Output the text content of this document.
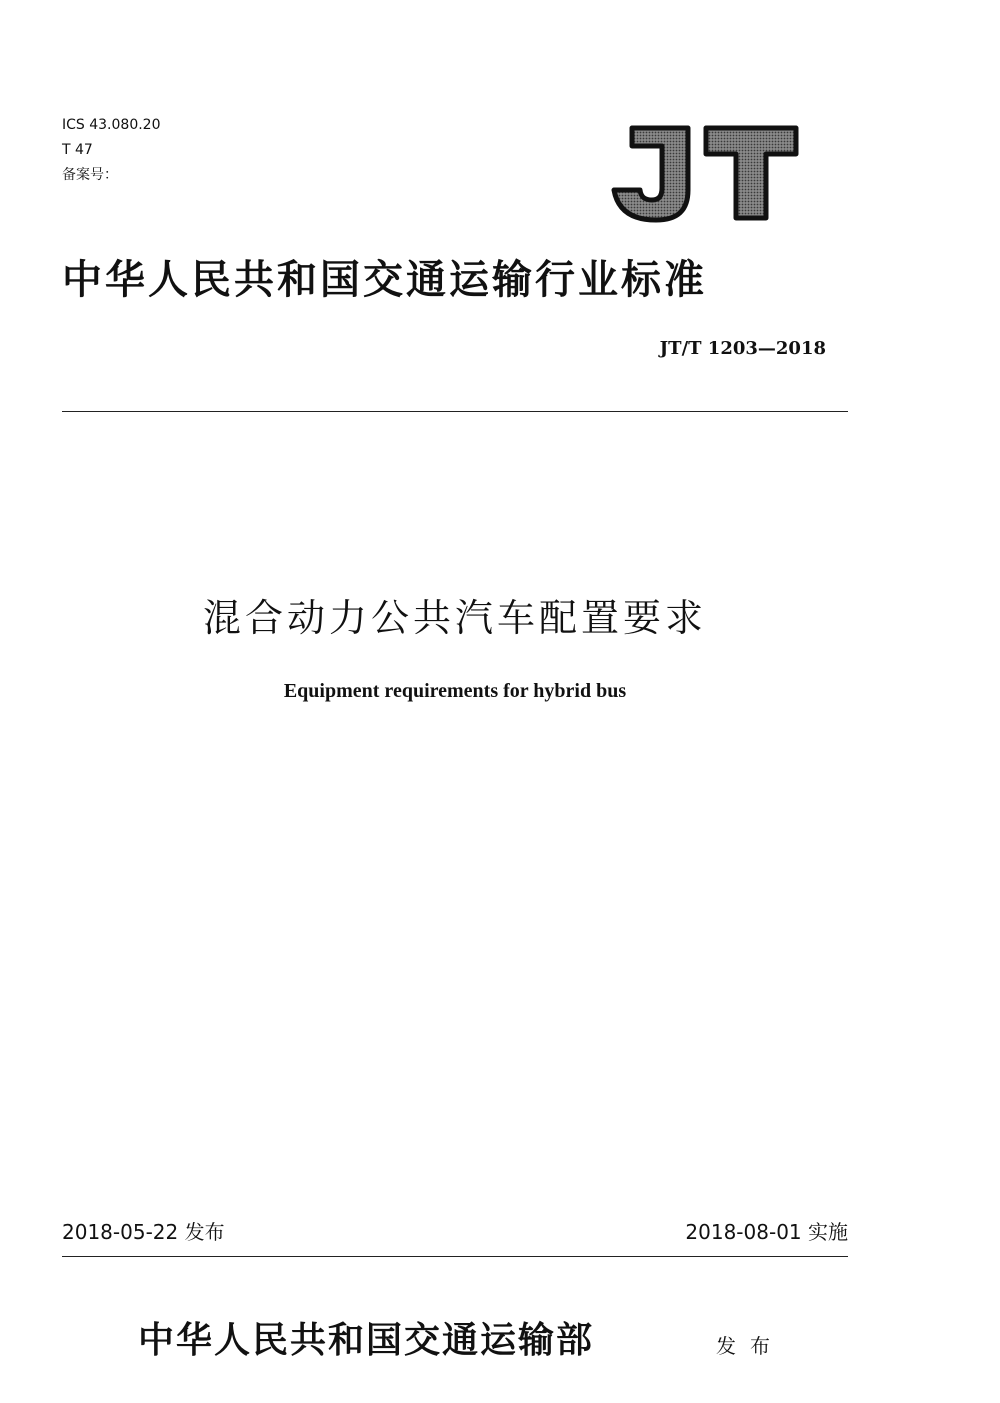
ICS 43.080.20
T 47
备案号：
中华人民共和国交通运输行业标准
JT/T 1203—2018
混合动力公共汽车配置要求
Equipment requirements for hybrid bus
2018-05-22 发布	2018-08-01 实施
中华人民共和国交通运输部	发布
